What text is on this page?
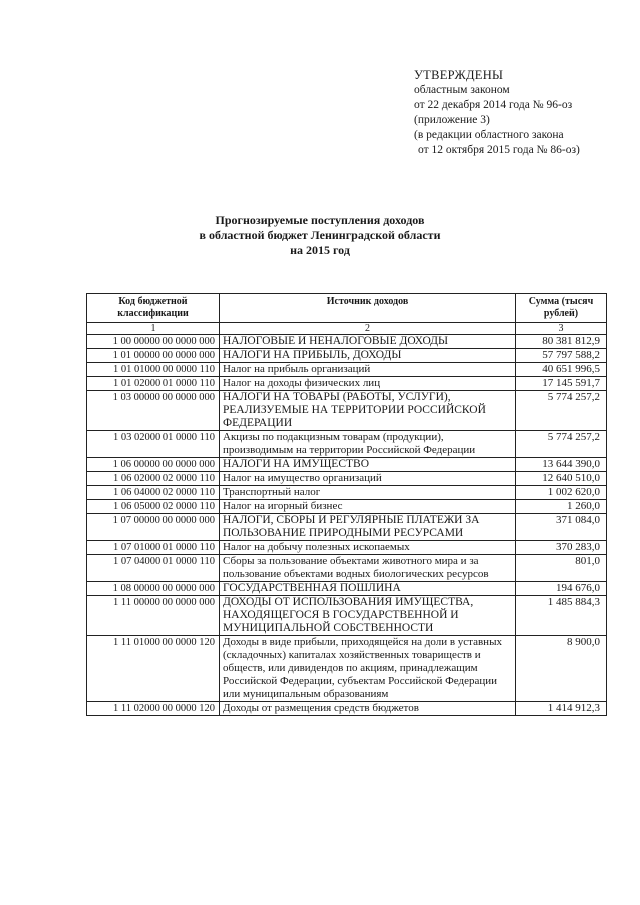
УТВЕРЖДЕНЫ
областным законом
от 22 декабря 2014 года № 96-оз
(приложение 3)
(в редакции областного закона
от 12 октября 2015 года № 86-оз)
Прогнозируемые поступления доходов
в областной бюджет Ленинградской области
на 2015 год
Код бюджетной классификации	Источник доходов	Сумма (тысяч рублей)
1	2	3
1 00 00000 00 0000 000	НАЛОГОВЫЕ И НЕНАЛОГОВЫЕ ДОХОДЫ	80 381 812,9
1 01 00000 00 0000 000	НАЛОГИ НА ПРИБЫЛЬ, ДОХОДЫ	57 797 588,2
1 01 01000 00 0000 110	Налог на прибыль организаций	40 651 996,5
1 01 02000 01 0000 110	Налог на доходы физических лиц	17 145 591,7
1 03 00000 00 0000 000	НАЛОГИ НА ТОВАРЫ (РАБОТЫ, УСЛУГИ), РЕАЛИЗУЕМЫЕ НА ТЕРРИТОРИИ РОССИЙСКОЙ ФЕДЕРАЦИИ	5 774 257,2
1 03 02000 01 0000 110	Акцизы по подакцизным товарам (продукции), производимым на территории Российской Федерации	5 774 257,2
1 06 00000 00 0000 000	НАЛОГИ НА ИМУЩЕСТВО	13 644 390,0
1 06 02000 02 0000 110	Налог на имущество организаций	12 640 510,0
1 06 04000 02 0000 110	Транспортный налог	1 002 620,0
1 06 05000 02 0000 110	Налог на игорный бизнес	1 260,0
1 07 00000 00 0000 000	НАЛОГИ, СБОРЫ И РЕГУЛЯРНЫЕ ПЛАТЕЖИ ЗА ПОЛЬЗОВАНИЕ ПРИРОДНЫМИ РЕСУРСАМИ	371 084,0
1 07 01000 01 0000 110	Налог на добычу полезных ископаемых	370 283,0
1 07 04000 01 0000 110	Сборы за пользование объектами животного мира и за пользование объектами водных биологических ресурсов	801,0
1 08 00000 00 0000 000	ГОСУДАРСТВЕННАЯ ПОШЛИНА	194 676,0
1 11 00000 00 0000 000	ДОХОДЫ ОТ ИСПОЛЬЗОВАНИЯ ИМУЩЕСТВА, НАХОДЯЩЕГОСЯ В ГОСУДАРСТВЕННОЙ И МУНИЦИПАЛЬНОЙ СОБСТВЕННОСТИ	1 485 884,3
1 11 01000 00 0000 120	Доходы в виде прибыли, приходящейся на доли в уставных (складочных) капиталах хозяйственных товариществ и обществ, или дивидендов по акциям, принадлежащим Российской Федерации, субъектам Российской Федерации или муниципальным образованиям	8 900,0
1 11 02000 00 0000 120	Доходы от размещения средств бюджетов	1 414 912,3
